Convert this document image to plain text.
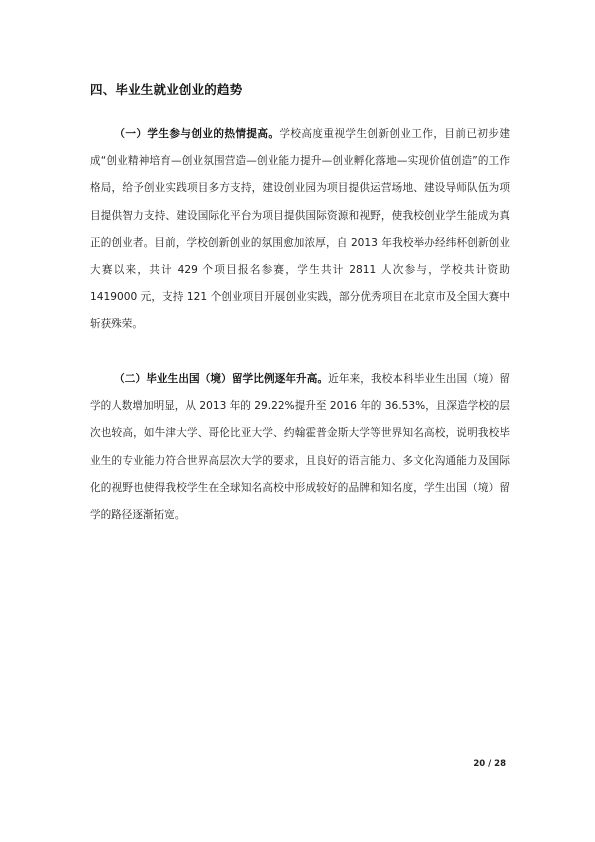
四、毕业生就业创业的趋势
（一）学生参与创业的热情提高。学校高度重视学生创新创业工作，目前已初步建成“创业精神培育—创业氛围营造—创业能力提升—创业孵化落地—实现价值创造”的工作格局，给予创业实践项目多方支持，建设创业园为项目提供运营场地、建设导师队伍为项目提供智力支持、建设国际化平台为项目提供国际资源和视野，使我校创业学生能成为真正的创业者。目前，学校创新创业的氛围愈加浓厚，自 2013 年我校举办经纬杯创新创业大赛以来，共计 429 个项目报名参赛，学生共计 2811 人次参与，学校共计资助 1419000 元，支持 121 个创业项目开展创业实践，部分优秀项目在北京市及全国大赛中斩获殊荣。
（二）毕业生出国（境）留学比例逐年升高。近年来，我校本科毕业生出国（境）留学的人数增加明显，从 2013 年的 29.22%提升至 2016 年的 36.53%，且深造学校的层次也较高，如牛津大学、哥伦比亚大学、约翰霍普金斯大学等世界知名高校，说明我校毕业生的专业能力符合世界高层次大学的要求，且良好的语言能力、多文化沟通能力及国际化的视野也使得我校学生在全球知名高校中形成较好的品牌和知名度，学生出国（境）留学的路径逐渐拓宽。
20 / 28
